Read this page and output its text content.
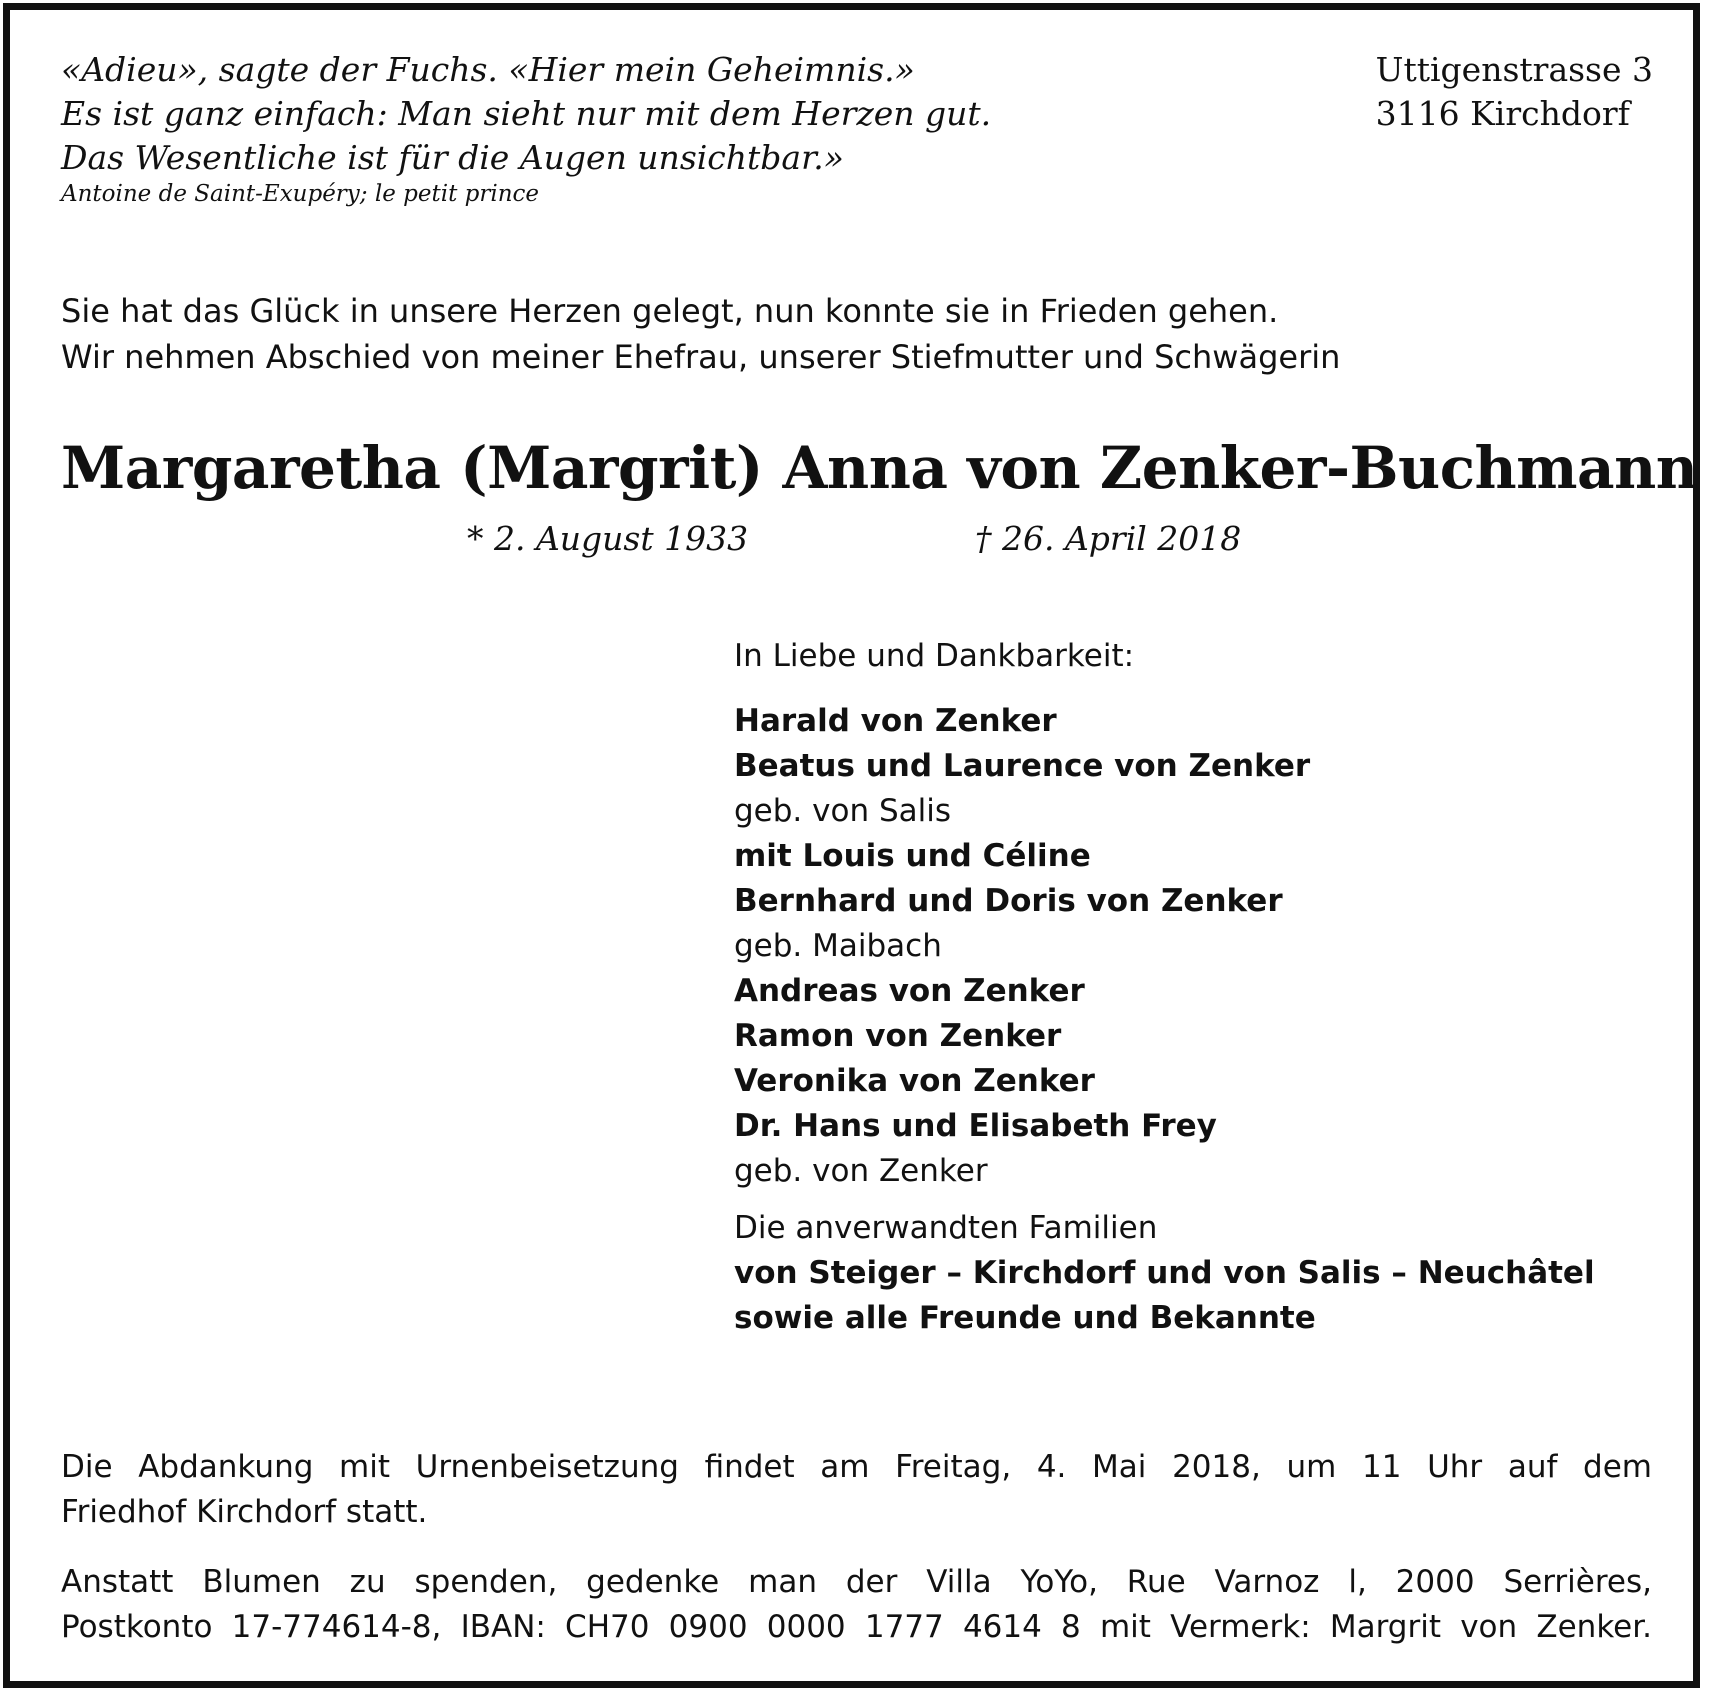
«Adieu», sagte der Fuchs. «Hier mein Geheimnis.»
Es ist ganz einfach: Man sieht nur mit dem Herzen gut.
Das Wesentliche ist für die Augen unsichtbar.»
Antoine de Saint-Exupéry; le petit prince
Uttigenstrasse 3
3116 Kirchdorf
Sie hat das Glück in unsere Herzen gelegt, nun konnte sie in Frieden gehen.
Wir nehmen Abschied von meiner Ehefrau, unserer Stiefmutter und Schwägerin
Margaretha (Margrit) Anna von Zenker-Buchmann
* 2. August 1933	† 26. April 2018
In Liebe und Dankbarkeit:
Harald von Zenker
Beatus und Laurence von Zenker
geb. von Salis
mit Louis und Céline
Bernhard und Doris von Zenker
geb. Maibach
Andreas von Zenker
Ramon von Zenker
Veronika von Zenker
Dr. Hans und Elisabeth Frey
geb. von Zenker
Die anverwandten Familien
von Steiger – Kirchdorf und von Salis – Neuchâtel
sowie alle Freunde und Bekannte
Die Abdankung mit Urnenbeisetzung findet am Freitag, 4. Mai 2018, um 11 Uhr auf dem
Friedhof Kirchdorf statt.
Anstatt Blumen zu spenden, gedenke man der Villa YoYo, Rue Varnoz l, 2000 Serrières,
Postkonto 17-774614-8, IBAN: CH70 0900 0000 1777 4614 8 mit Vermerk: Margrit von Zenker.
